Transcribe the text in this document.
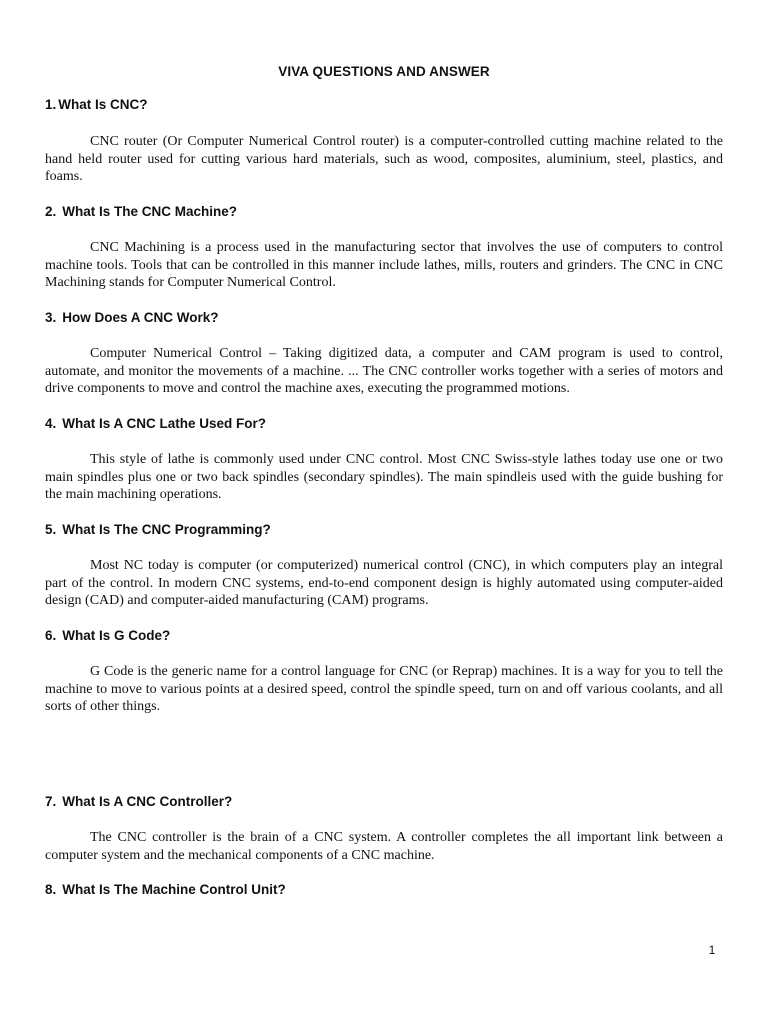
VIVA QUESTIONS AND ANSWER
1. What Is CNC?

CNC router (Or Computer Numerical Control router) is a computer-controlled cutting machine related to the hand held router used for cutting various hard materials, such as wood, composites, aluminium, steel, plastics, and foams.

2. What Is The CNC Machine?

CNC Machining is a process used in the manufacturing sector that involves the use of computers to control machine tools. Tools that can be controlled in this manner include lathes, mills, routers and grinders. The CNC in CNC Machining stands for Computer Numerical Control.

3. How Does A CNC Work?

Computer Numerical Control – Taking digitized data, a computer and CAM program is used to control, automate, and monitor the movements of a machine. ... The CNC controller works together with a series of motors and drive components to move and control the machine axes, executing the programmed motions.

4. What Is A CNC Lathe Used For?

This style of lathe is commonly used under CNC control. Most CNC Swiss-style lathes today use one or two main spindles plus one or two back spindles (secondary spindles). The main spindleis used with the guide bushing for the main machining operations.

5. What Is The CNC Programming?

Most NC today is computer (or computerized) numerical control (CNC), in which computers play an integral part of the control. In modern CNC systems, end-to-end component design is highly automated using computer-aided design (CAD) and computer-aided manufacturing (CAM) programs.

6. What Is G Code?

G Code is the generic name for a control language for CNC (or Reprap) machines. It is a way for you to tell the machine to move to various points at a desired speed, control the spindle speed, turn on and off various coolants, and all sorts of other things.

7. What Is A CNC Controller?

The CNC controller is the brain of a CNC system. A controller completes the all important link between a computer system and the mechanical components of a CNC machine.

8. What Is The Machine Control Unit?
1
